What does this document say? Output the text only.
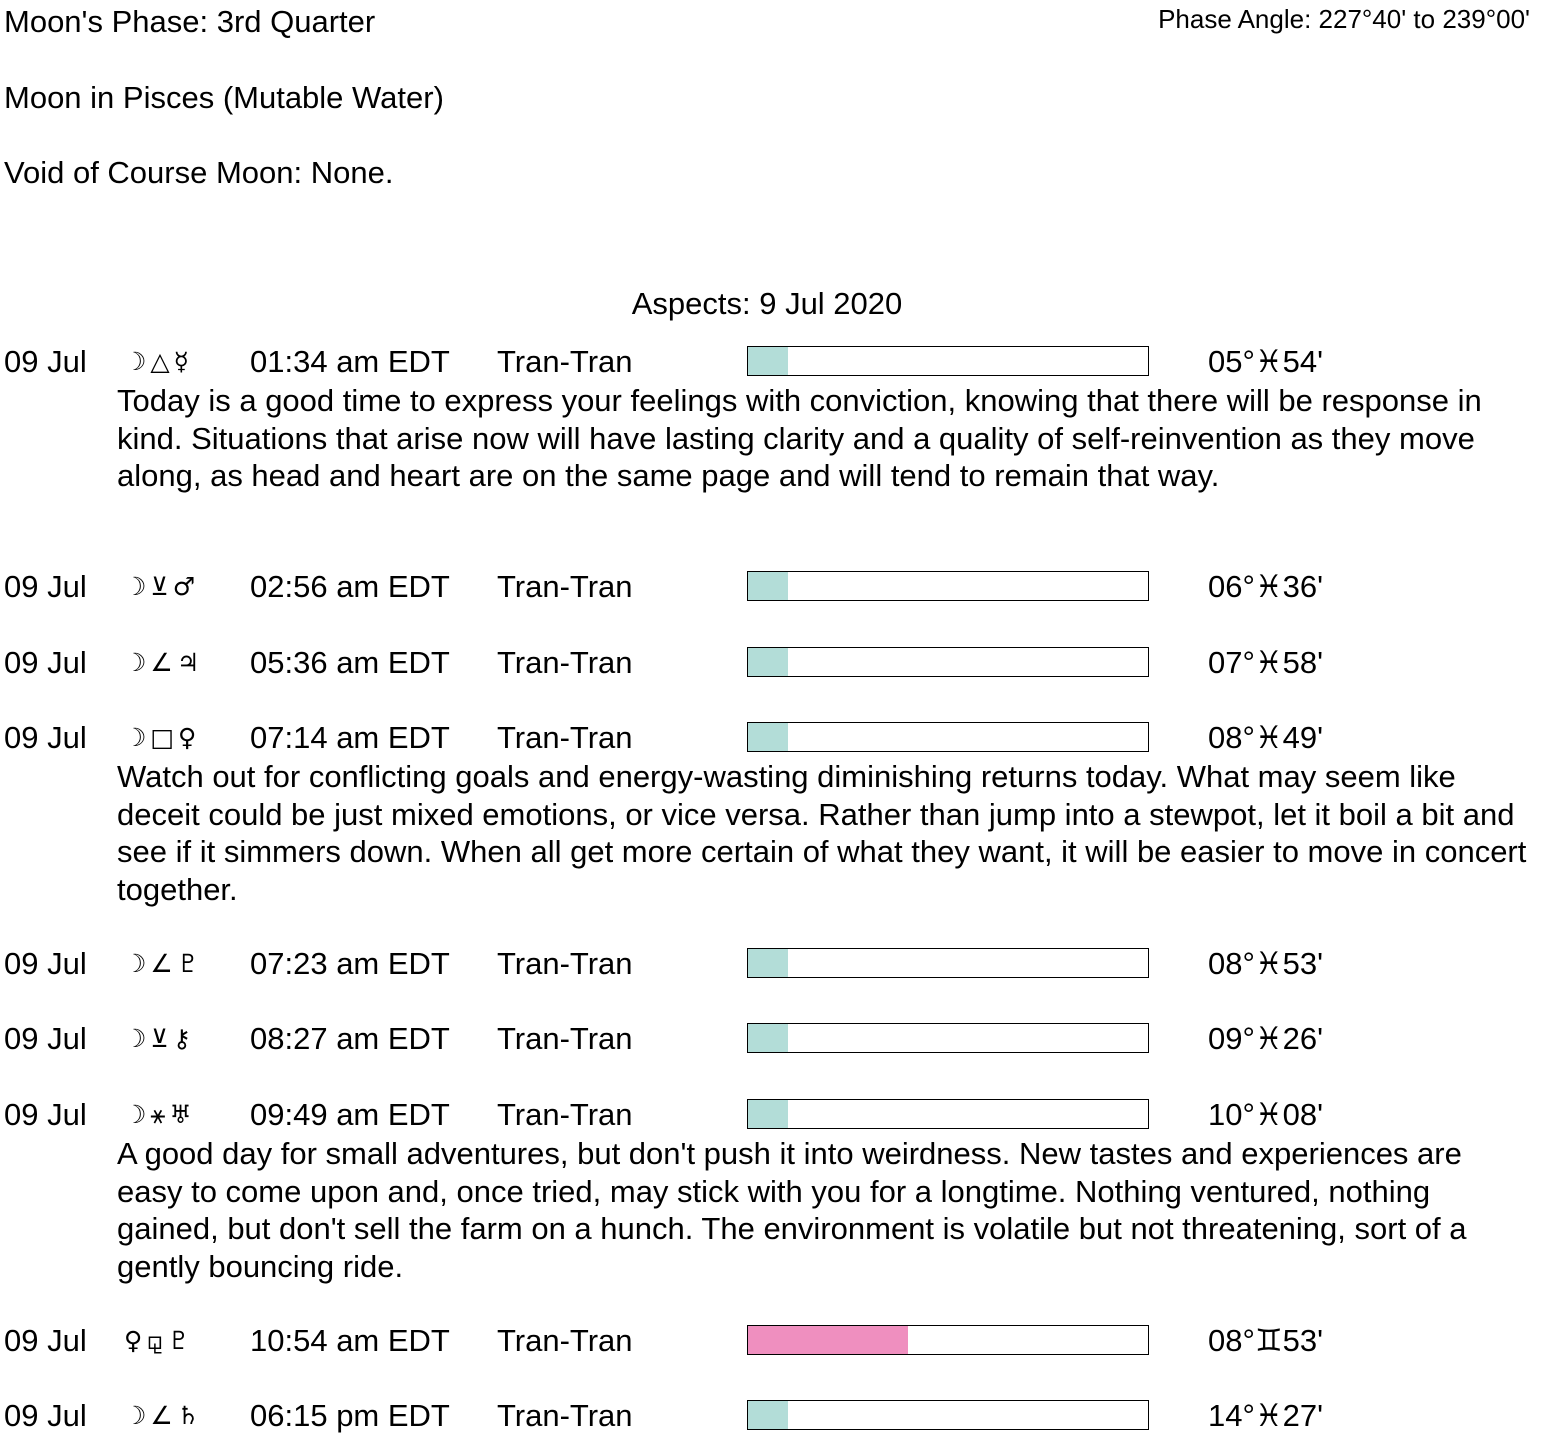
Moon's Phase: 3rd Quarter	Phase Angle: 227°40' to 239°00'
Moon in Pisces (Mutable Water)
Void of Course Moon: None.
Aspects: 9 Jul 2020
09 Jul ☽△☿ 01:34 am EDT Tran-Tran	05°♓54'
Today is a good time to express your feelings with conviction, knowing that there will be response in kind. Situations that arise now will have lasting clarity and a quality of self-reinvention as they move along, as head and heart are on the same page and will tend to remain that way.
09 Jul ☽⊻♂ 02:56 am EDT Tran-Tran	06°♓36'
09 Jul ☽∠♃ 05:36 am EDT Tran-Tran	07°♓58'
09 Jul ☽□♀ 07:14 am EDT Tran-Tran	08°♓49'
Watch out for conflicting goals and energy-wasting diminishing returns today. What may seem like deceit could be just mixed emotions, or vice versa. Rather than jump into a stewpot, let it boil a bit and see if it simmers down. When all get more certain of what they want, it will be easier to move in concert together.
09 Jul ☽∠♇ 07:23 am EDT Tran-Tran	08°♓53'
09 Jul ☽⊻⚷ 08:27 am EDT Tran-Tran	09°♓26'
09 Jul ☽⚹♅ 09:49 am EDT Tran-Tran	10°♓08'
A good day for small adventures, but don't push it into weirdness. New tastes and experiences are easy to come upon and, once tried, may stick with you for a longtime. Nothing ventured, nothing gained, but don't sell the farm on a hunch. The environment is volatile but not threatening, sort of a gently bouncing ride.
09 Jul ♀⚼♇ 10:54 am EDT Tran-Tran	08°♊53'
09 Jul ☽∠♄ 06:15 pm EDT Tran-Tran	14°♓27'
